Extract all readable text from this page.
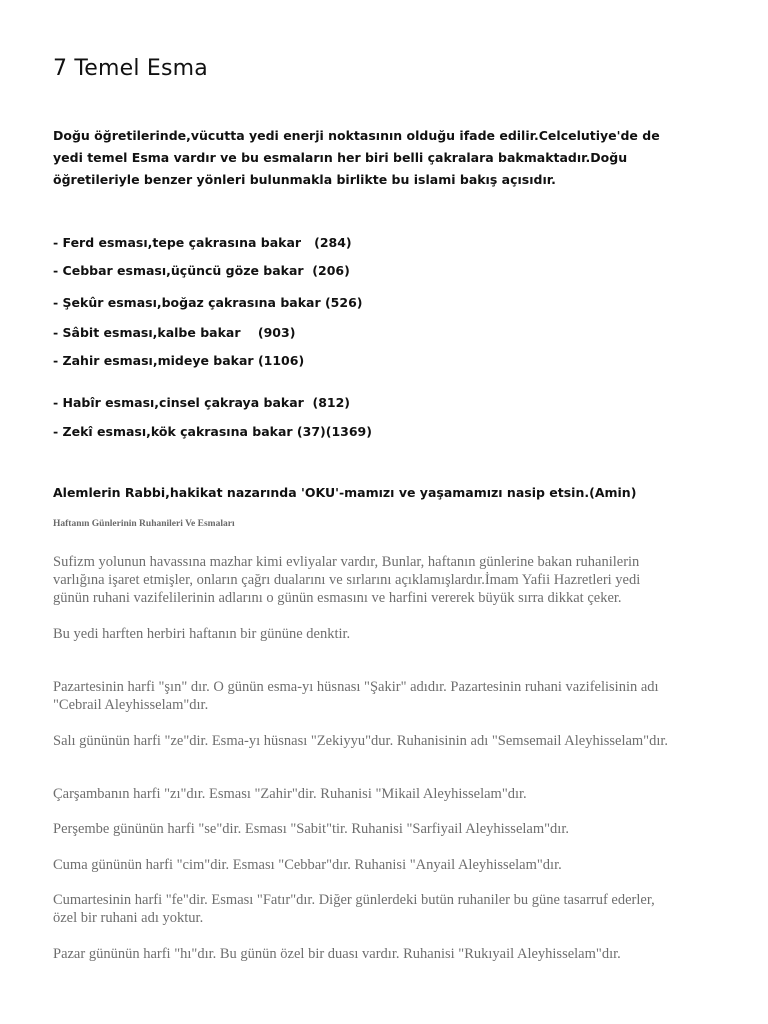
7 Temel Esma

Doğu öğretilerinde,vücutta yedi enerji noktasının olduğu ifade edilir.Celcelutiye'de de yedi temel Esma vardır ve bu esmaların her biri belli çakralara bakmaktadır.Doğu öğretileriyle benzer yönleri bulunmakla birlikte bu islami bakış açısıdır.

- Ferd esması,tepe çakrasına bakar   (284)

- Cebbar esması,üçüncü göze bakar  (206)

- Şekûr esması,boğaz çakrasına bakar (526)

- Sâbit esması,kalbe bakar    (903)

- Zahir esması,mideye bakar (1106)

- Habîr esması,cinsel çakraya bakar  (812)

- Zekî esması,kök çakrasına bakar (37)(1369)

Alemlerin Rabbi,hakikat nazarında 'OKU'-mamızı ve yaşamamızı nasip etsin.(Amin)

Haftanın Günlerinin Ruhanileri Ve Esmaları

Sufizm yolunun havassına mazhar kimi evliyalar vardır, Bunlar, haftanın günlerine bakan ruhanilerin varlığına işaret etmişler, onların çağrı dualarını ve sırlarını açıklamışlardır.İmam Yafii Hazretleri yedi günün ruhani vazifelilerinin adlarını o günün esmasını ve harfini vererek büyük sırra dikkat çeker.

Bu yedi harften herbiri haftanın bir gününe denktir.

Pazartesinin harfi "şın" dır. O günün esma-yı hüsnası "Şakir" adıdır. Pazartesinin ruhani vazifelisinin adı "Cebrail Aleyhisselam"dır.

Salı gününün harfi "ze"dir. Esma-yı hüsnası "Zekiyyu"dur. Ruhanisinin adı "Semsemail Aleyhisselam"dır.

Çarşambanın harfi "zı"dır. Esması "Zahir"dir. Ruhanisi "Mikail Aleyhisselam"dır.

Perşembe gününün harfi "se"dir. Esması "Sabit"tir. Ruhanisi "Sarfiyail Aleyhisselam"dır.

Cuma gününün harfi "cim"dir. Esması "Cebbar"dır. Ruhanisi "Anyail Aleyhisselam"dır.

Cumartesinin harfi "fe"dir. Esması "Fatır"dır. Diğer günlerdeki butün ruhaniler bu güne tasarruf ederler, özel bir ruhani adı yoktur.

Pazar gününün harfi "hı"dır. Bu günün özel bir duası vardır. Ruhanisi "Rukıyail Aleyhisselam"dır.
